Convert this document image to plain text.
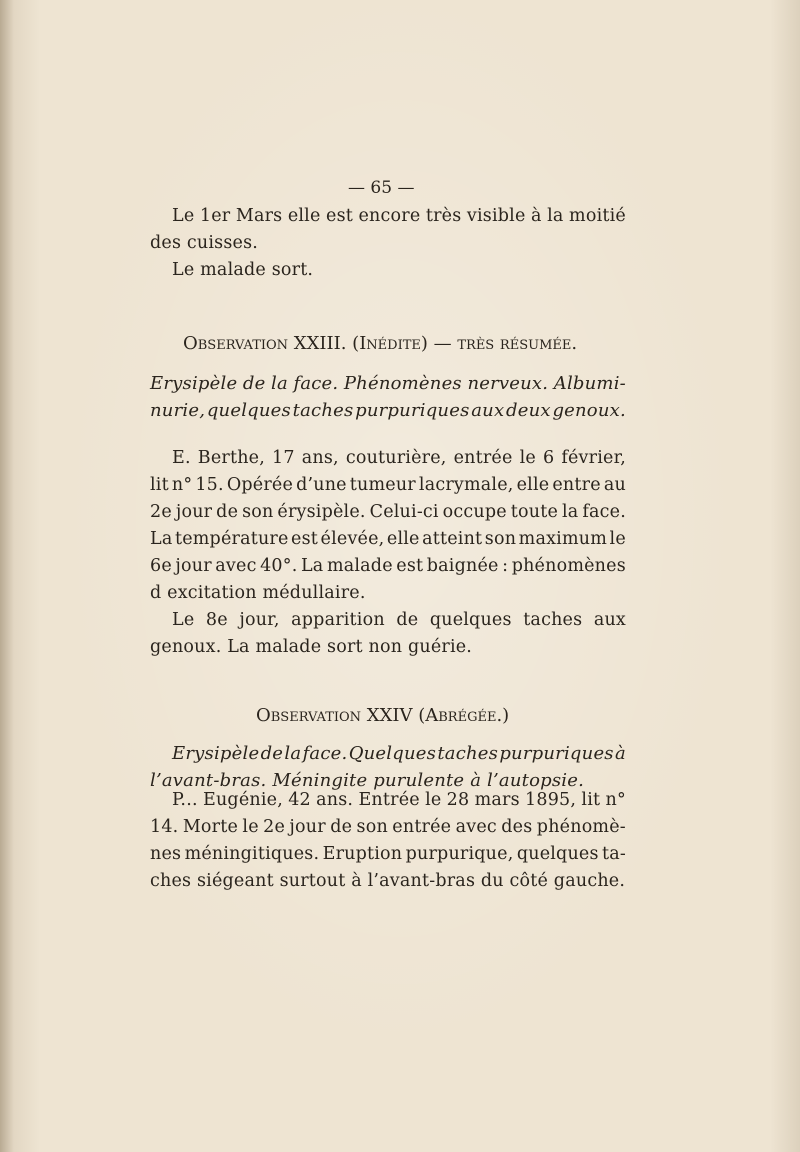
— 65 —
Le 1er Mars elle est encore très visible à la moitié
des cuisses.
Le malade sort.
Observation XXIII. (Inédite) — très résumée.
Erysipèle de la face. Phénomènes nerveux. Albumi-
nurie, quelques taches purpuriques aux deux genoux.
E. Berthe, 17 ans, couturière, entrée le 6 février,
lit n° 15. Opérée d’une tumeur lacrymale, elle entre au
2e jour de son érysipèle. Celui-ci occupe toute la face.
La température est élevée, elle atteint son maximum le
6e jour avec 40°. La malade est baignée : phénomènes
d excitation médullaire.
Le 8e jour, apparition de quelques taches aux
genoux. La malade sort non guérie.
Observation XXIV (Abrégée.)
Erysipèle de la face. Quelques taches purpuriques à
l’avant-bras. Méningite purulente à l’autopsie.
P... Eugénie, 42 ans. Entrée le 28 mars 1895, lit n°
14. Morte le 2e jour de son entrée avec des phénomè-
nes méningitiques. Eruption purpurique, quelques ta-
ches siégeant surtout à l’avant-bras du côté gauche.
